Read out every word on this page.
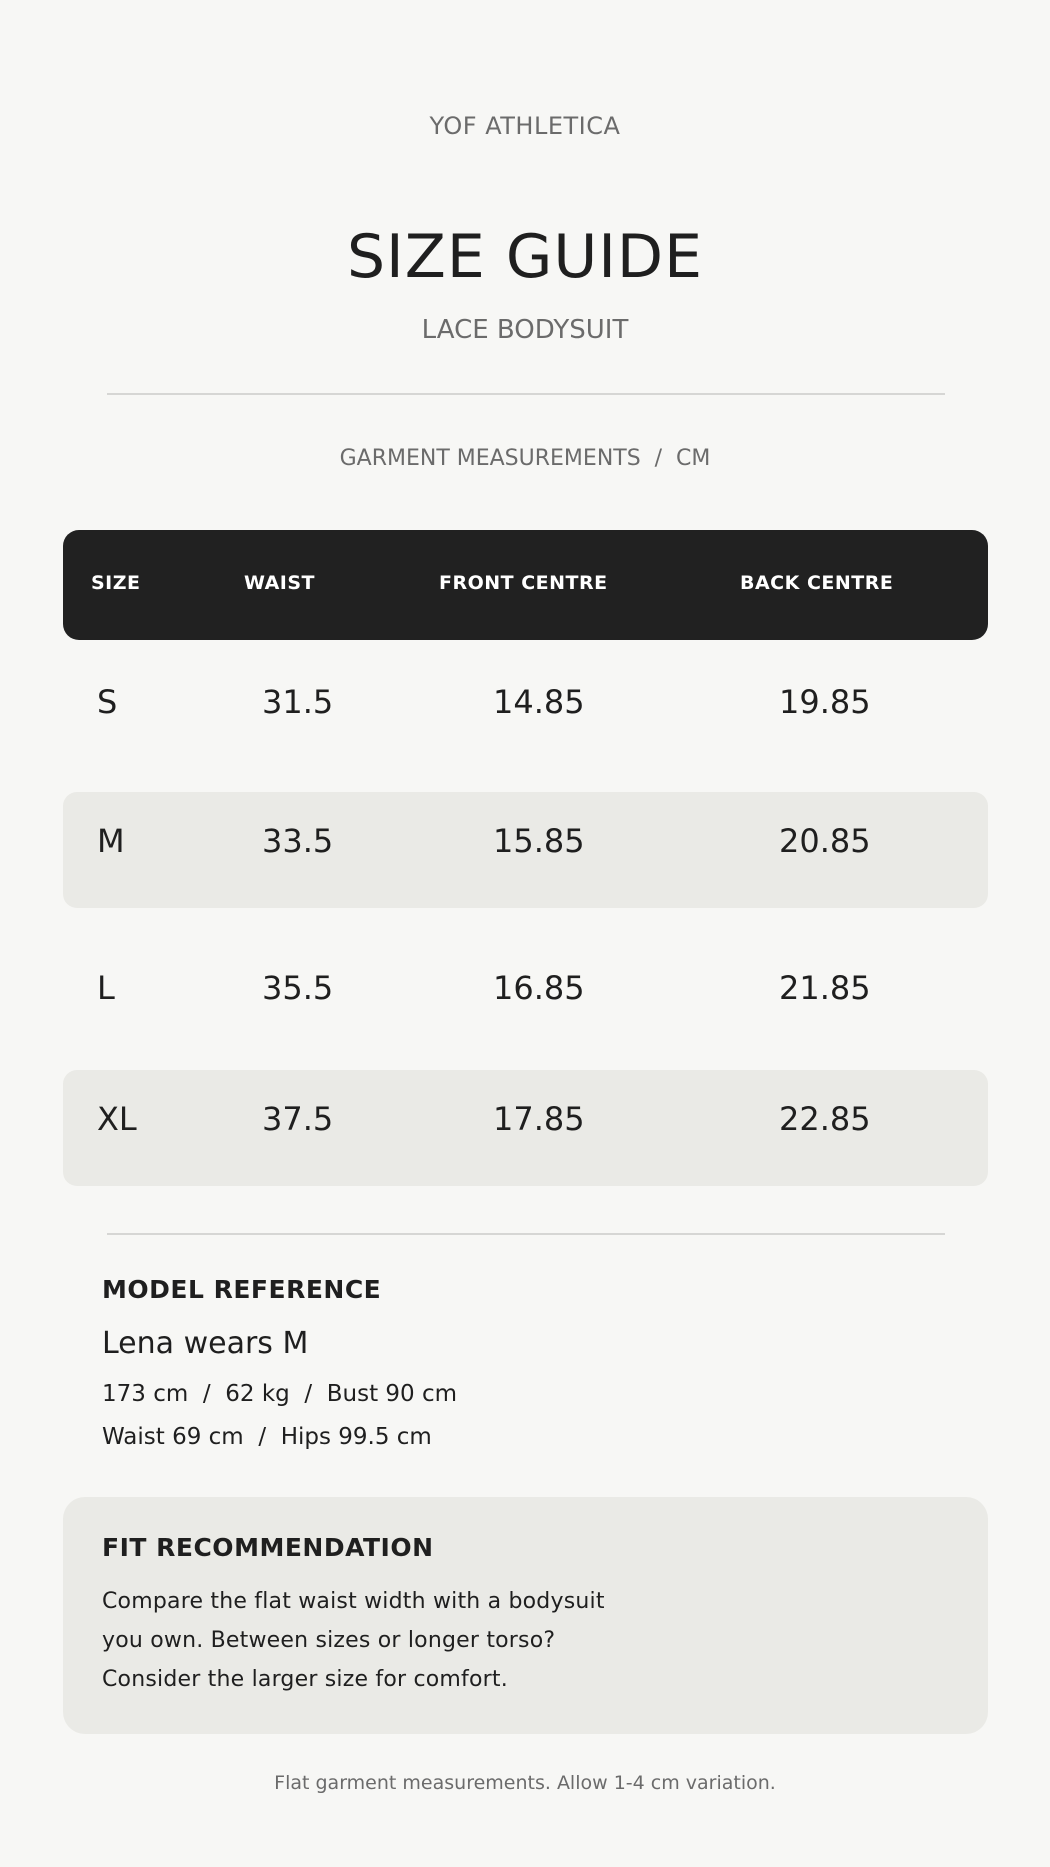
YOF ATHLETICA
SIZE GUIDE
LACE BODYSUIT
GARMENT MEASUREMENTS  /  CM
SIZE	WAIST	FRONT CENTRE	BACK CENTRE
S	31.5	14.85	19.85
M	33.5	15.85	20.85
L	35.5	16.85	21.85
XL	37.5	17.85	22.85
MODEL REFERENCE
Lena wears M
173 cm  /  62 kg  /  Bust 90 cm
Waist 69 cm  /  Hips 99.5 cm
FIT RECOMMENDATION
Compare the flat waist width with a bodysuit
you own. Between sizes or longer torso?
Consider the larger size for comfort.
Flat garment measurements. Allow 1-4 cm variation.
